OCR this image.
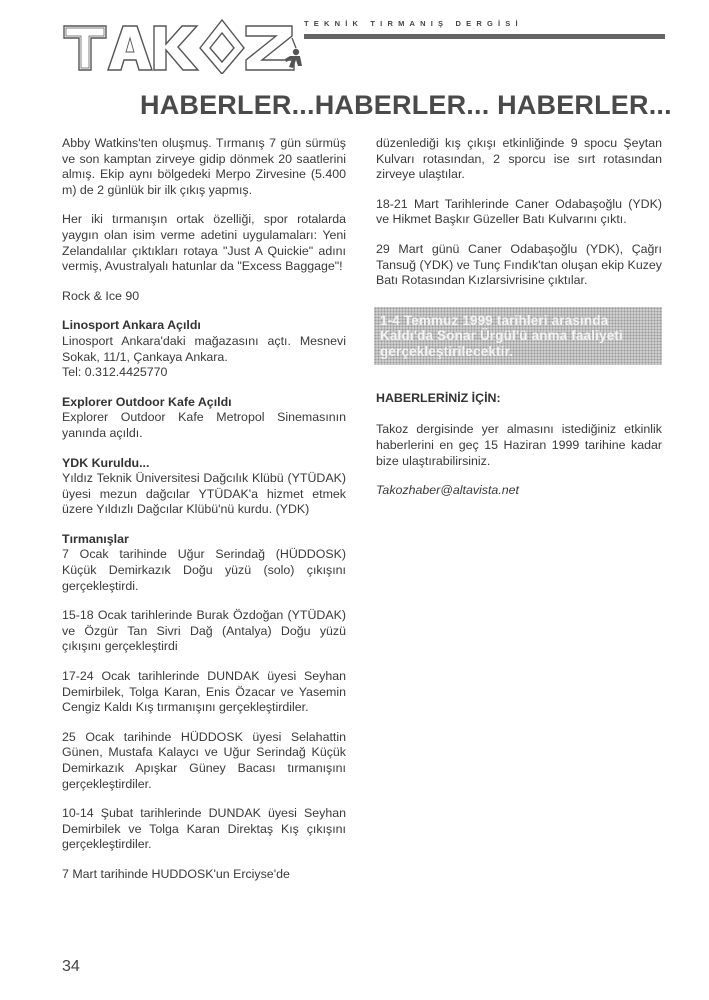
TEKNİK TIRMANIŞ DERGİSİ
HABERLER...HABERLER... HABERLER...

Abby Watkins'ten oluşmuş. Tırmanış 7 gün sürmüş ve son kamptan zirveye gidip dönmek 20 saatlerini almış. Ekip aynı bölgedeki Merpo Zirvesine (5.400 m) de 2 günlük bir ilk çıkış yapmış.

Her iki tırmanışın ortak özelliği, spor rotalarda yaygın olan isim verme adetini uygulamaları: Yeni Zelandalılar çıktıkları rotaya "Just A Quickie" adını vermiş, Avustralyalı hatunlar da "Excess Baggage"!

Rock & Ice 90

Linosport Ankara Açıldı

Linosport Ankara'daki mağazasını açtı. Mesnevi Sokak, 11/1, Çankaya Ankara.

Tel: 0.312.4425770

Explorer Outdoor Kafe Açıldı

Explorer Outdoor Kafe Metropol Sinemasının yanında açıldı.

YDK Kuruldu...

Yıldız Teknik Üniversitesi Dağcılık Klübü (YTÜDAK) üyesi mezun dağcılar YTÜDAK'a hizmet etmek üzere Yıldızlı Dağcılar Klübü'nü kurdu. (YDK)

Tırmanışlar

7 Ocak tarihinde Uğur Serindağ (HÜDDOSK) Küçük Demirkazık Doğu yüzü (solo) çıkışını gerçekleştirdi.

15-18 Ocak tarihlerinde Burak Özdoğan (YTÜDAK) ve Özgür Tan Sivri Dağ (Antalya) Doğu yüzü çıkışını gerçekleştirdi

17-24 Ocak tarihlerinde DUNDAK üyesi Seyhan Demirbilek, Tolga Karan, Enis Özacar ve Yasemin Cengiz Kaldı Kış tırmanışını gerçekleştirdiler.

25 Ocak tarihinde HÜDDOSK üyesi Selahattin Günen, Mustafa Kalaycı ve Uğur Serindağ Küçük Demirkazık Apışkar Güney Bacası tırmanışını gerçekleştirdiler.

10-14 Şubat tarihlerinde DUNDAK üyesi Seyhan Demirbilek ve Tolga Karan Direktaş Kış çıkışını gerçekleştirdiler.

7 Mart tarihinde HUDDOSK'un Erciyse'de

düzenlediği kış çıkışı etkinliğinde 9 spocu Şeytan Kulvarı rotasından, 2 sporcu ise sırt rotasından zirveye ulaştılar.

18-21 Mart Tarihlerinde Caner Odabaşoğlu (YDK) ve Hikmet Başkır Güzeller Batı Kulvarını çıktı.

29 Mart günü Caner Odabaşoğlu (YDK), Çağrı Tansuğ (YDK) ve Tunç Fındık'tan oluşan ekip Kuzey Batı Rotasından Kızlarsivrisine çıktılar.

1-4 Temmuz 1999 tarihleri arasında Kaldı'da Sonar Ürgül'ü anma faaliyeti gerçekleştirilecektir.

HABERLERİNİZ İÇİN:

Takoz dergisinde yer almasını istediğiniz etkinlik haberlerini en geç 15 Haziran 1999 tarihine kadar bize ulaştırabilirsiniz.

Takozhaber@altavista.net

34
